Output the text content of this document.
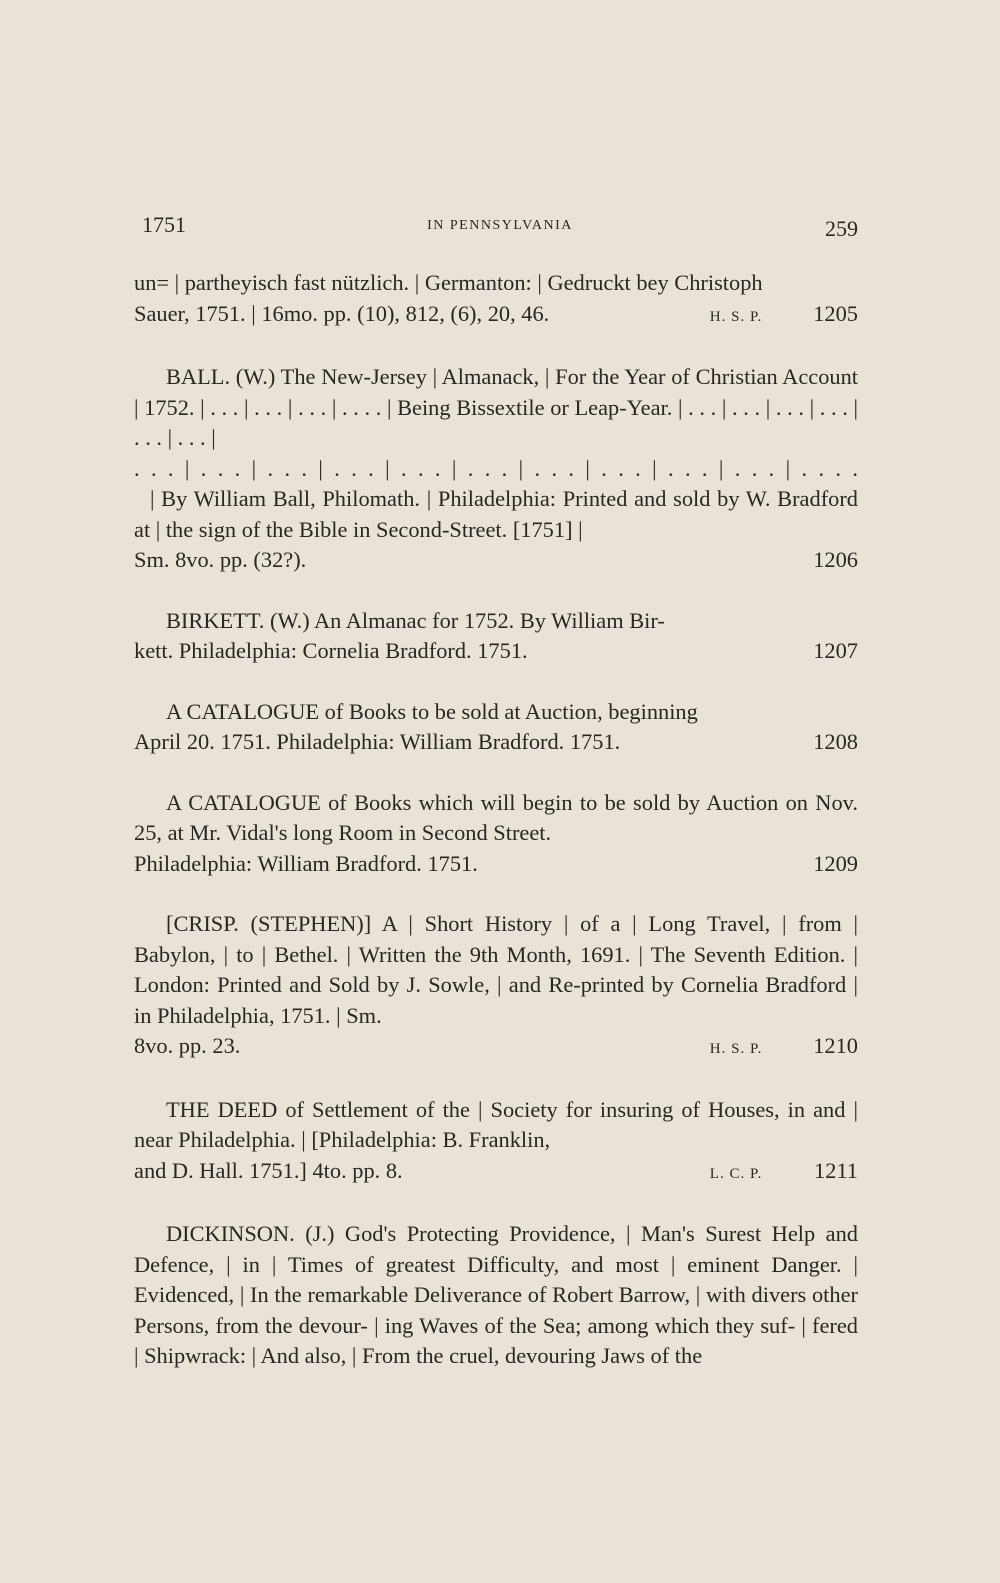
1751	IN PENNSYLVANIA	259

un= | partheyisch fast nützlich. | Germanton: | Gedruckt bey Christoph

Sauer, 1751. | 16mo. pp. (10), 812, (6), 20, 46.	H. S. P. 1205

BALL. (W.) The New-Jersey | Almanack, | For the Year of Christian Account | 1752. | . . . | . . . | . . . | . . . . | Being Bissextile or Leap-Year. | . . . | . . . | . . . | . . . | . . . | . . . |

. . . | . . . | . . . | . . . | . . . | . . . | . . . | . . . | . . . | . . . | . . . .

| By William Ball, Philomath. | Philadelphia: Printed and sold by W. Bradford at | the sign of the Bible in Second-Street. [1751] |

Sm. 8vo. pp. (32?).	1206

BIRKETT. (W.) An Almanac for 1752. By William Bir-

kett. Philadelphia: Cornelia Bradford. 1751.	1207

A CATALOGUE of Books to be sold at Auction, beginning

April 20. 1751. Philadelphia: William Bradford. 1751.	1208

A CATALOGUE of Books which will begin to be sold by Auction on Nov. 25, at Mr. Vidal's long Room in Second Street.

Philadelphia: William Bradford. 1751.	1209

[CRISP. (STEPHEN)] A | Short History | of a | Long Travel, | from | Babylon, | to | Bethel. | Written the 9th Month, 1691. | The Seventh Edition. | London: Printed and Sold by J. Sowle, | and Re-printed by Cornelia Bradford | in Philadelphia, 1751. | Sm.

8vo. pp. 23.	H. S. P. 1210

THE DEED of Settlement of the | Society for insuring of Houses, in and | near Philadelphia. | [Philadelphia: B. Franklin,

and D. Hall. 1751.] 4to. pp. 8.	L. C. P. 1211

DICKINSON. (J.) God's Protecting Providence, | Man's Surest Help and Defence, | in | Times of greatest Difficulty, and most | eminent Danger. | Evidenced, | In the remarkable Deliverance of Robert Barrow, | with divers other Persons, from the devour- | ing Waves of the Sea; among which they suf- | fered | Shipwrack: | And also, | From the cruel, devouring Jaws of the
